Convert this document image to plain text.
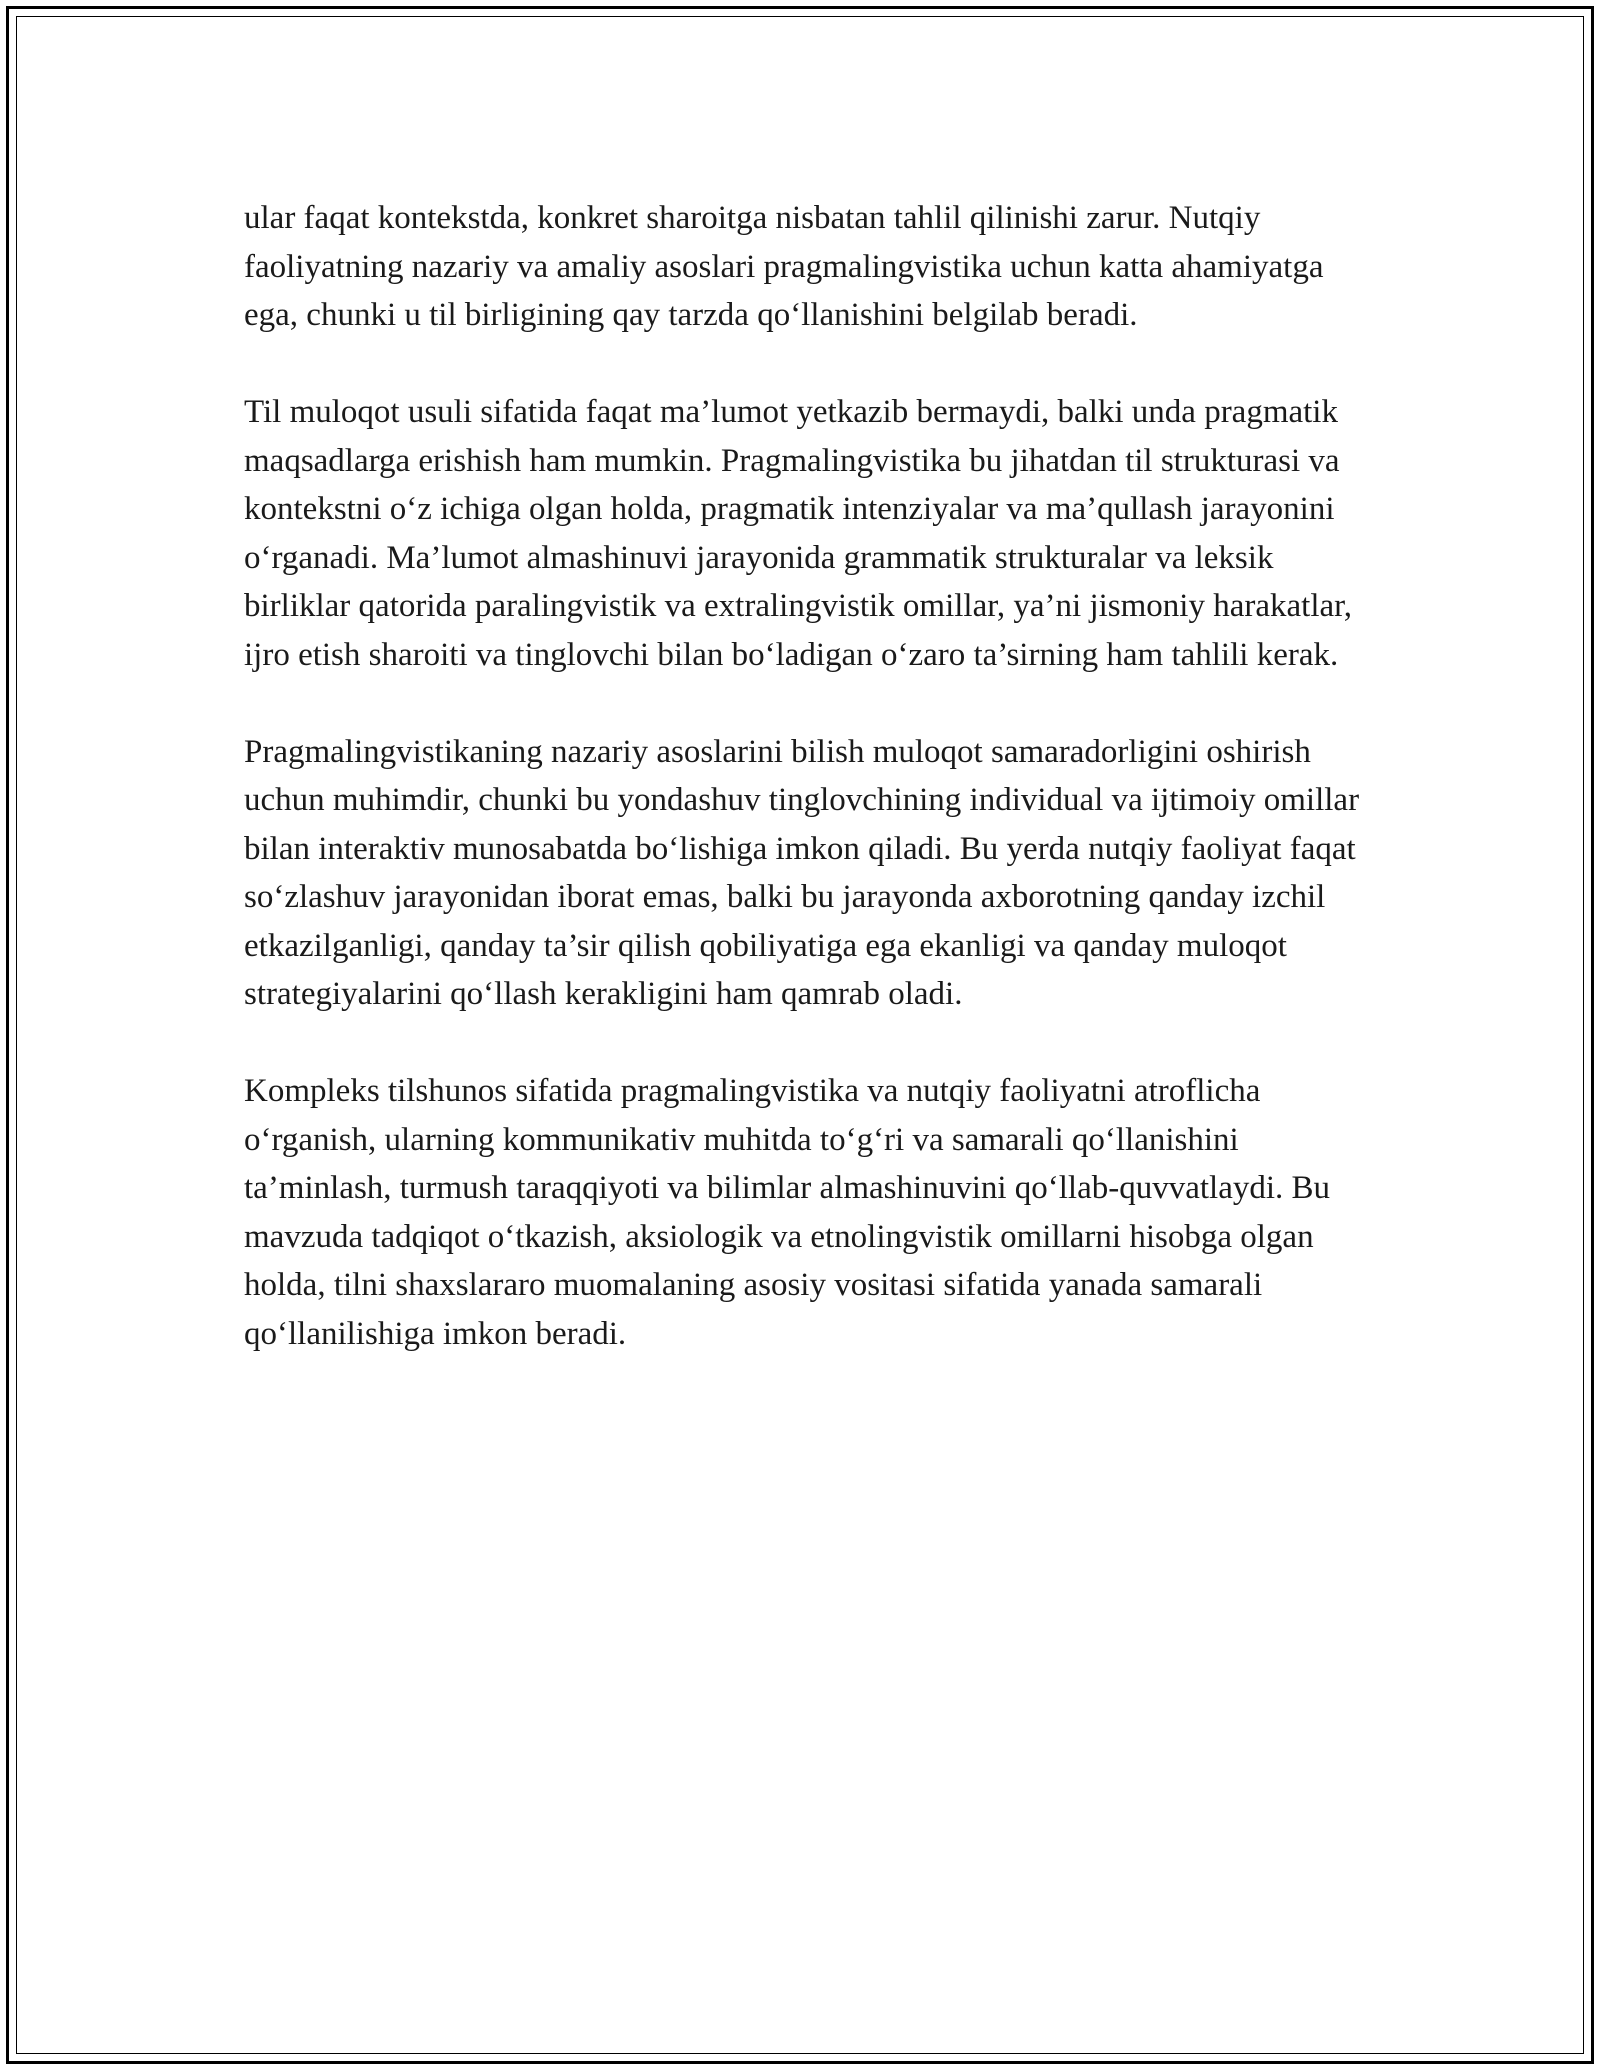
ular faqat kontekstda, konkret sharoitga nisbatan tahlil qilinishi zarur. Nutqiy faoliyatning nazariy va amaliy asoslari pragmalingvistika uchun katta ahamiyatga ega, chunki u til birligining qay tarzda qo‘llanishini belgilab beradi.

Til muloqot usuli sifatida faqat ma’lumot yetkazib bermaydi, balki unda pragmatik maqsadlarga erishish ham mumkin. Pragmalingvistika bu jihatdan til strukturasi va kontekstni o‘z ichiga olgan holda, pragmatik intenziyalar va ma’qullash jarayonini o‘rganadi. Ma’lumot almashinuvi jarayonida grammatik strukturalar va leksik birliklar qatorida paralingvistik va extralingvistik omillar, ya’ni jismoniy harakatlar, ijro etish sharoiti va tinglovchi bilan bo‘ladigan o‘zaro ta’sirning ham tahlili kerak.

Pragmalingvistikaning nazariy asoslarini bilish muloqot samaradorligini oshirish uchun muhimdir, chunki bu yondashuv tinglovchining individual va ijtimoiy omillar bilan interaktiv munosabatda bo‘lishiga imkon qiladi. Bu yerda nutqiy faoliyat faqat so‘zlashuv jarayonidan iborat emas, balki bu jarayonda axborotning qanday izchil etkazilganligi, qanday ta’sir qilish qobiliyatiga ega ekanligi va qanday muloqot strategiyalarini qo‘llash kerakligini ham qamrab oladi.

Kompleks tilshunos sifatida pragmalingvistika va nutqiy faoliyatni atroflicha o‘rganish, ularning kommunikativ muhitda to‘g‘ri va samarali qo‘llanishini ta’minlash, turmush taraqqiyoti va bilimlar almashinuvini qo‘llab-quvvatlaydi. Bu mavzuda tadqiqot o‘tkazish, aksiologik va etnolingvistik omillarni hisobga olgan holda, tilni shaxslararo muomalaning asosiy vositasi sifatida yanada samarali qo‘llanilishiga imkon beradi.
